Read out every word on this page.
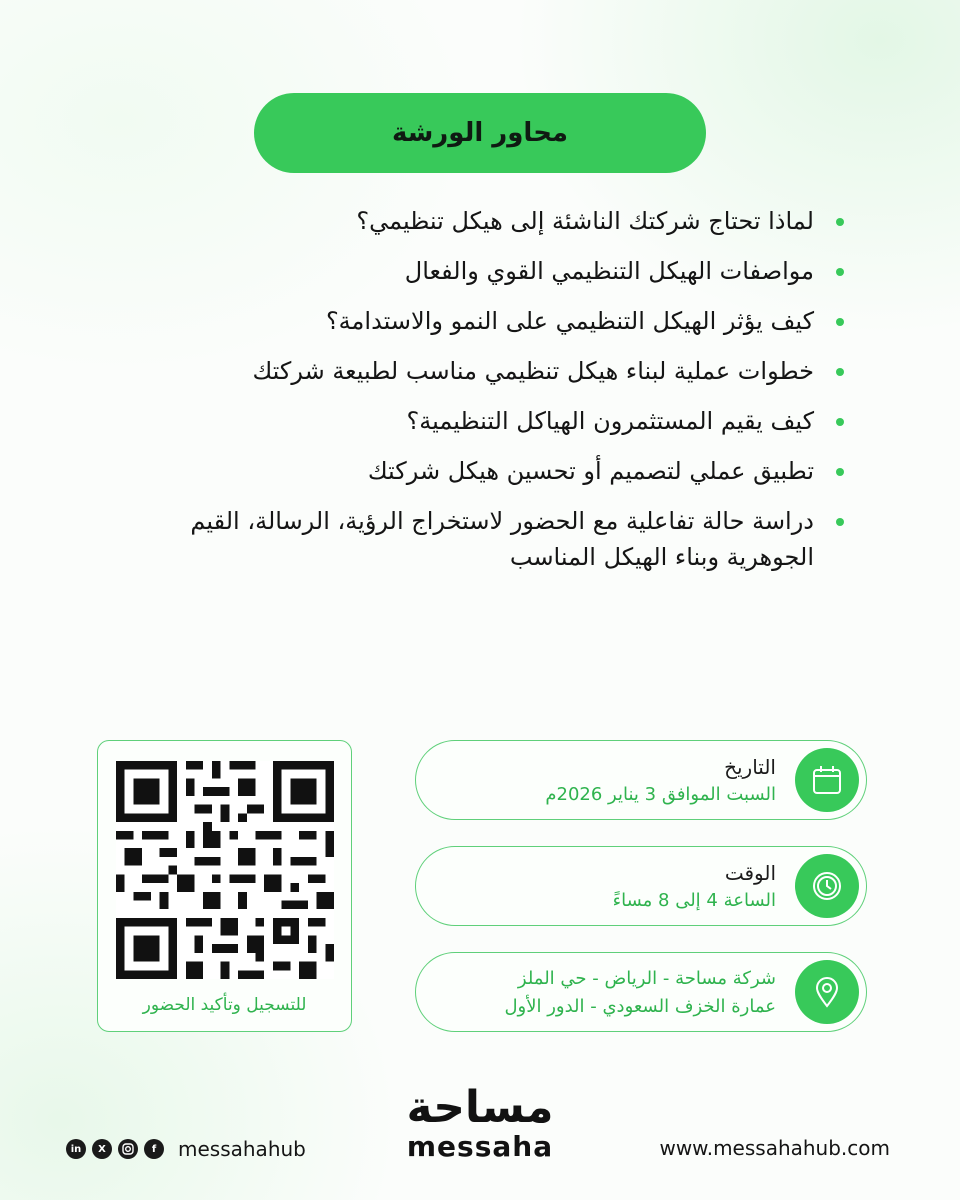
محاور الورشة
لماذا تحتاج شركتك الناشئة إلى هيكل تنظيمي؟
مواصفات الهيكل التنظيمي القوي والفعال
كيف يؤثر الهيكل التنظيمي على النمو والاستدامة؟
خطوات عملية لبناء هيكل تنظيمي مناسب لطبيعة شركتك
كيف يقيم المستثمرون الهياكل التنظيمية؟
تطبيق عملي لتصميم أو تحسين هيكل شركتك
دراسة حالة تفاعلية مع الحضور لاستخراج الرؤية، الرسالة، القيم الجوهرية وبناء الهيكل المناسب
للتسجيل وتأكيد الحضور
التاريخ
السبت الموافق 3 يناير 2026م
الوقت
الساعة 4 إلى 8 مساءً
شركة مساحة - الرياض - حي الملز
عمارة الخزف السعودي - الدور الأول
مساحة
messaha
in	X	f	messahahub	www.messahahub.com
